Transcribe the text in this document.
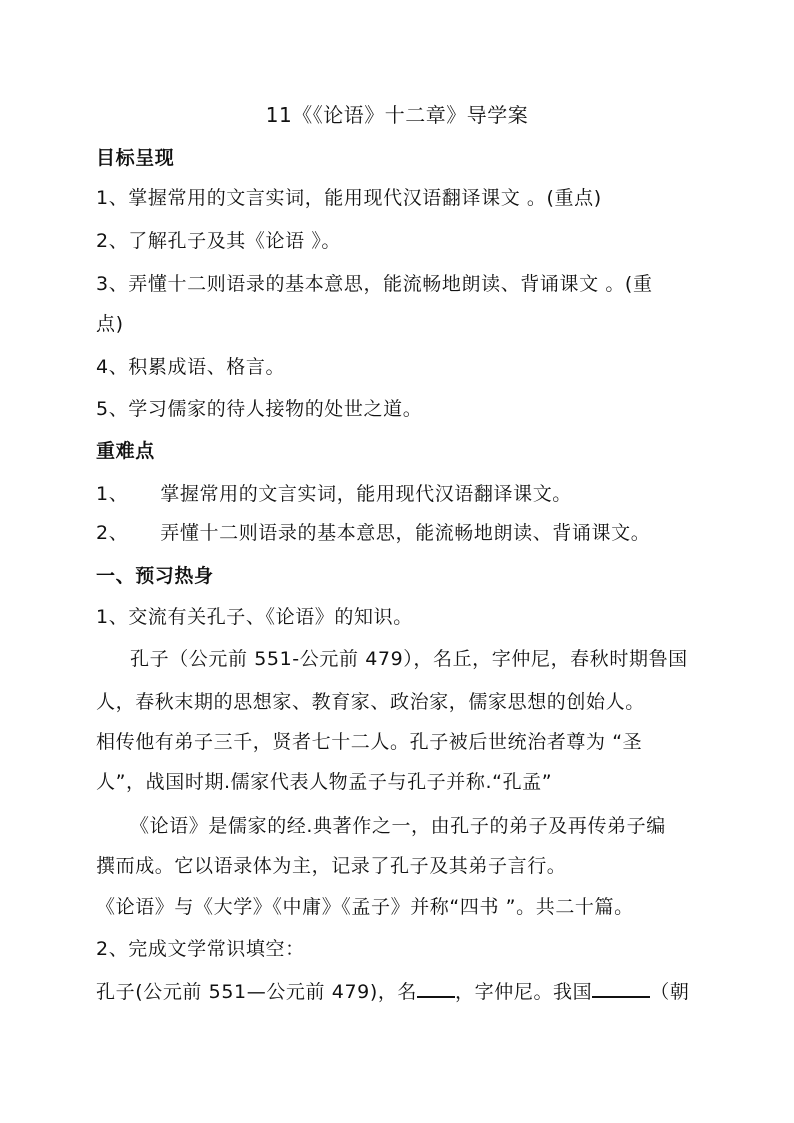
11《《论语》十二章》导学案
目标呈现
1、掌握常用的文言实词，能用现代汉语翻译课文 。(重点)
2、了解孔子及其《论语 》。
3、弄懂十二则语录的基本意思，能流畅地朗读、背诵课文 。(重
点)
4、积累成语、格言。
5、学习儒家的待人接物的处世之道。
重难点
1、 掌握常用的文言实词，能用现代汉语翻译课文。
2、 弄懂十二则语录的基本意思，能流畅地朗读、背诵课文。
一、预习热身
1、交流有关孔子、《论语》的知识。
孔子（公元前 551-公元前 479），名丘，字仲尼，春秋时期鲁国
人，春秋末期的思想家、教育家、政治家，儒家思想的创始人。
相传他有弟子三千，贤者七十二人。孔子被后世统治者尊为 “圣
人”，战国时期.儒家代表人物孟子与孔子并称.“孔孟”
《论语》是儒家的经.典著作之一，由孔子的弟子及再传弟子编
撰而成。它以语录体为主，记录了孔子及其弟子言行。
《论语》与《大学》《中庸》《孟子》并称“四书 ”。共二十篇。
2、完成文学常识填空：
孔子(公元前 551—公元前 479)，名 ，字仲尼。我国	（朝
